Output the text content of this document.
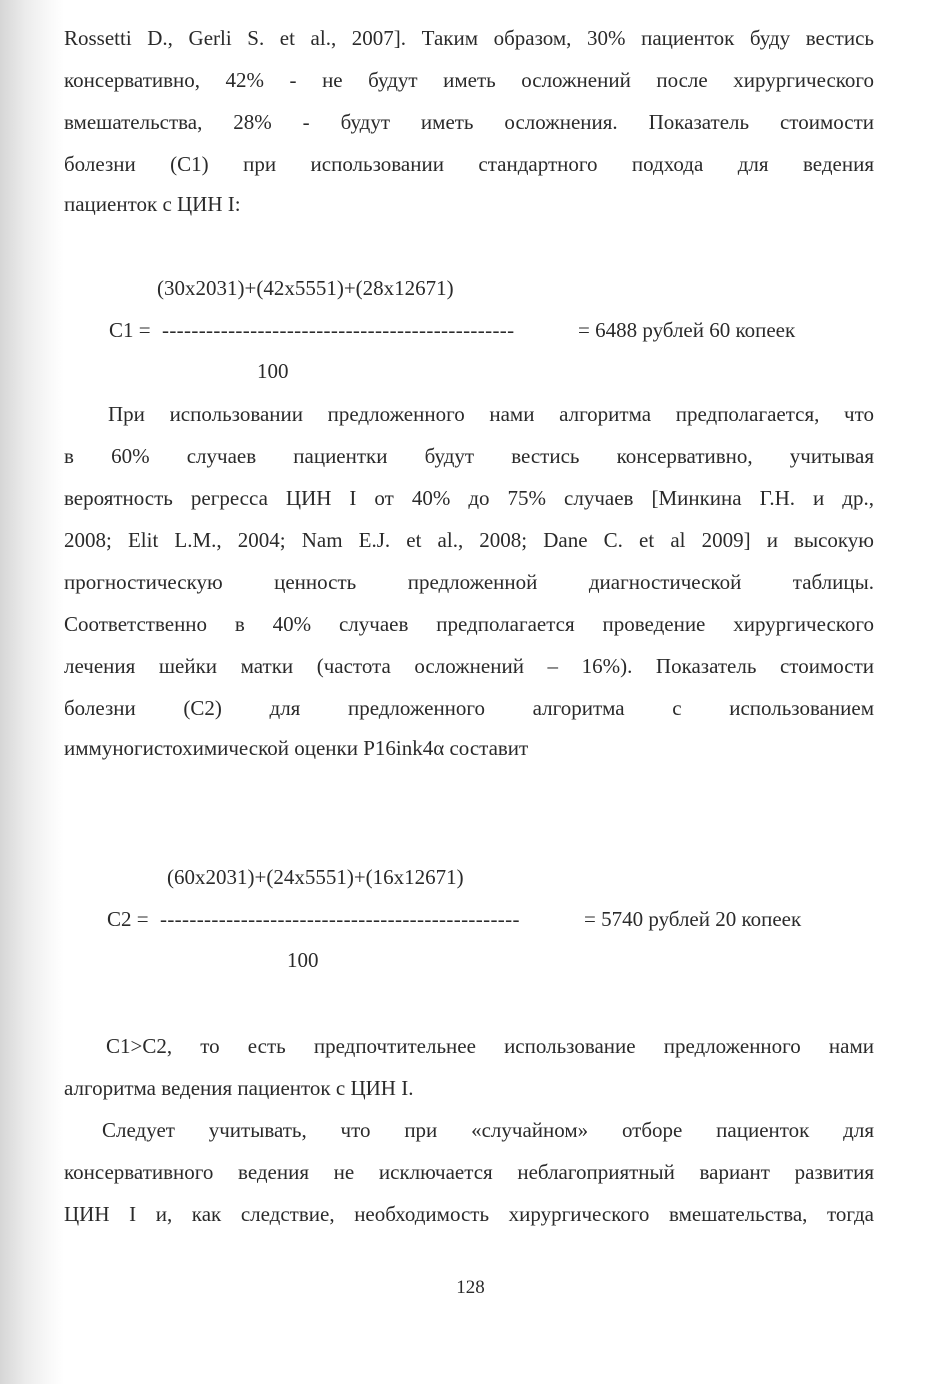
Rossetti D., Gerli S. et al., 2007]. Таким образом, 30% пациенток буду вестись
консервативно, 42% - не будут иметь осложнений после хирургического
вмешательства, 28% - будут иметь осложнения. Показатель стоимости
болезни (С1) при использовании стандартного подхода для ведения
пациенток с ЦИН I:
(30х2031)+(42х5551)+(28х12671)
С1 = ------------------------------------------------	= 6488 рублей 60 копеек
100
При использовании предложенного нами алгоритма предполагается, что
в 60% случаев пациентки будут вестись консервативно, учитывая
вероятность регресса ЦИН I от 40% до 75% случаев [Минкина Г.Н. и др.,
2008; Elit L.M., 2004; Nam E.J. et al., 2008; Dane C. et al 2009] и высокую
прогностическую ценность предложенной диагностической таблицы.
Соответственно в 40% случаев предполагается проведение хирургического
лечения шейки матки (частота осложнений – 16%). Показатель стоимости
болезни (С2) для предложенного алгоритма с использованием
иммуногистохимической оценки P16ink4α составит
(60х2031)+(24х5551)+(16х12671)
С2 = -------------------------------------------------	= 5740 рублей 20 копеек
100
С1>С2, то есть предпочтительнее использование предложенного нами
алгоритма ведения пациенток с ЦИН I.
Следует учитывать, что при «случайном» отборе пациенток для
консервативного ведения не исключается неблагоприятный вариант развития
ЦИН I и, как следствие, необходимость хирургического вмешательства, тогда
128
